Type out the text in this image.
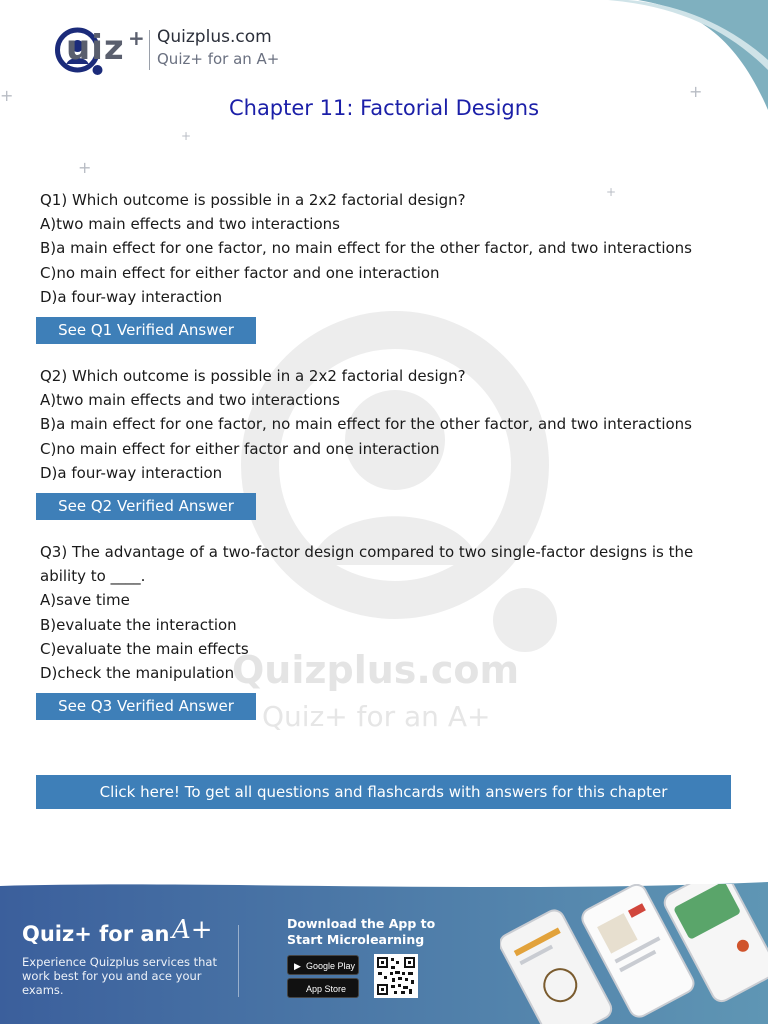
uiz + Quizplus.com
Quiz+ for an A+
+	+
+
+
+
Chapter 11: Factorial Designs
Quizplus.com
Quiz+ for an A+
Q1) Which outcome is possible in a 2x2 factorial design?
A)two main effects and two interactions
B)a main effect for one factor, no main effect for the other factor, and two interactions
C)no main effect for either factor and one interaction
D)a four-way interaction
See Q1 Verified Answer
Q2) Which outcome is possible in a 2x2 factorial design?
A)two main effects and two interactions
B)a main effect for one factor, no main effect for the other factor, and two interactions
C)no main effect for either factor and one interaction
D)a four-way interaction
See Q2 Verified Answer
Q3) The advantage of a two-factor design compared to two single-factor designs is the ability to ____.
A)save time
B)evaluate the interaction
C)evaluate the main effects
D)check the manipulation
See Q3 Verified Answer
Click here! To get all questions and flashcards with answers for this chapter
Quiz+ for an A+
Experience Quizplus services that work best for you and ace your exams.
Download the App to Start Microlearning
▶ Google Play
App Store
